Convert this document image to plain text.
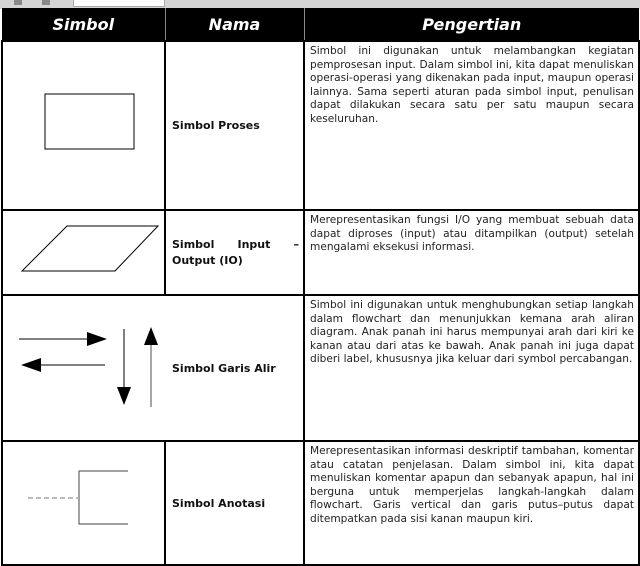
Simbol	Nama	Pengertian

	Simbol Proses	Simbol ini digunakan untuk melambangkan kegiatan pemprosesan input. Dalam simbol ini, kita dapat menuliskan operasi-operasi yang dikenakan pada input, maupun operasi lainnya. Sama seperti aturan pada simbol input, penulisan dapat dilakukan secara satu per satu maupun secara keseluruhan.

	Simbol Input – Output (IO)	Merepresentasikan fungsi I/O yang membuat sebuah data dapat diproses (input) atau ditampilkan (output) setelah mengalami eksekusi informasi.

	Simbol Garis Alir	Simbol ini digunakan untuk menghubungkan setiap langkah dalam flowchart dan menunjukkan kemana arah aliran diagram. Anak panah ini harus mempunyai arah dari kiri ke kanan atau dari atas ke bawah. Anak panah ini juga dapat diberi label, khususnya jika keluar dari symbol percabangan.

	Simbol Anotasi	Merepresentasikan informasi deskriptif tambahan, komentar atau catatan penjelasan. Dalam simbol ini, kita dapat menuliskan komentar apapun dan sebanyak apapun, hal ini berguna untuk memperjelas langkah-langkah dalam flowchart. Garis vertical dan garis putus–putus dapat ditempatkan pada sisi kanan maupun kiri.
